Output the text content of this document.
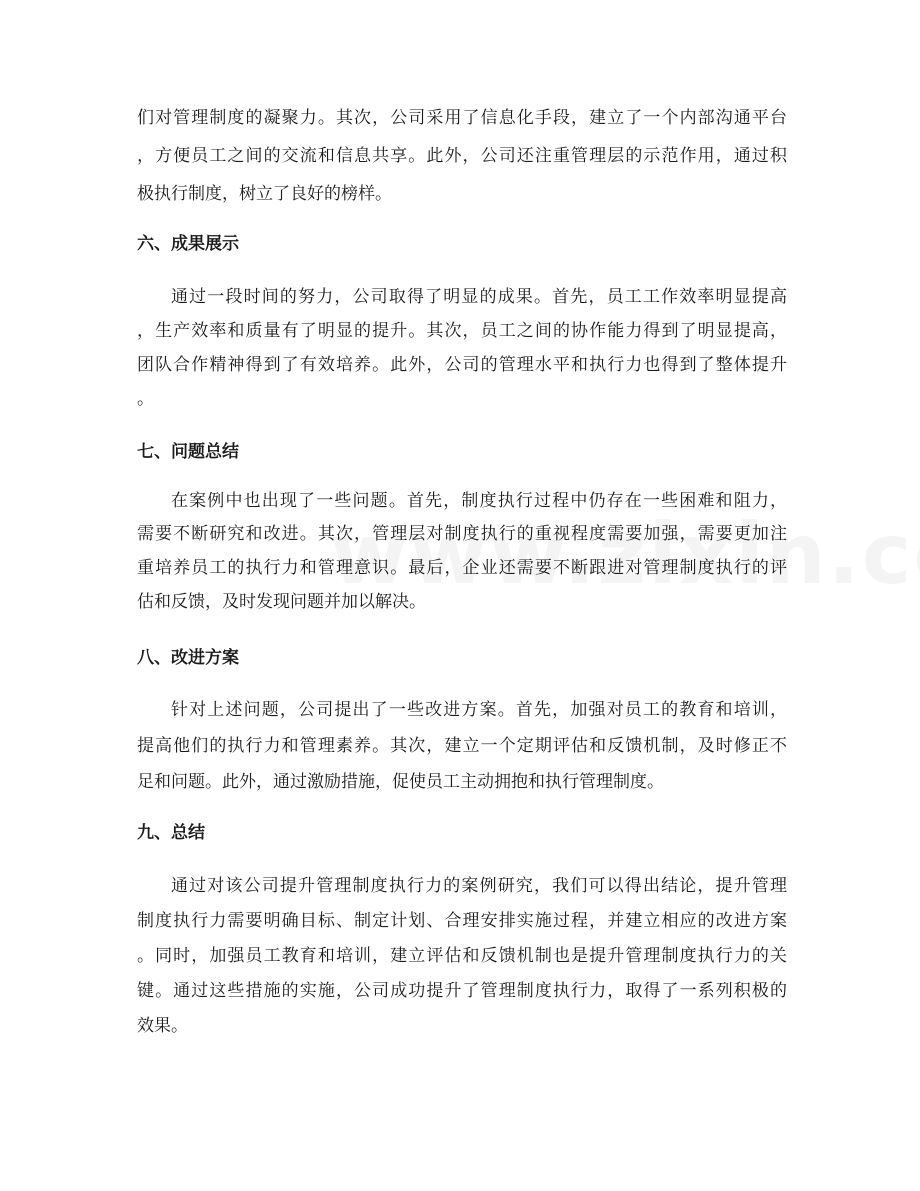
们对管理制度的凝聚力。其次，公司采用了信息化手段，建立了一个内部沟通平台
，方便员工之间的交流和信息共享。此外，公司还注重管理层的示范作用，通过积
极执行制度，树立了良好的榜样。
六、成果展示
通过一段时间的努力，公司取得了明显的成果。首先，员工工作效率明显提高
，生产效率和质量有了明显的提升。其次，员工之间的协作能力得到了明显提高，
团队合作精神得到了有效培养。此外，公司的管理水平和执行力也得到了整体提升
。
七、问题总结
在案例中也出现了一些问题。首先，制度执行过程中仍存在一些困难和阻力，
需要不断研究和改进。其次，管理层对制度执行的重视程度需要加强，需要更加注
重培养员工的执行力和管理意识。最后，企业还需要不断跟进对管理制度执行的评
估和反馈，及时发现问题并加以解决。
八、改进方案
针对上述问题，公司提出了一些改进方案。首先，加强对员工的教育和培训，
提高他们的执行力和管理素养。其次，建立一个定期评估和反馈机制，及时修正不
足和问题。此外，通过激励措施，促使员工主动拥抱和执行管理制度。
九、总结
通过对该公司提升管理制度执行力的案例研究，我们可以得出结论，提升管理
制度执行力需要明确目标、制定计划、合理安排实施过程，并建立相应的改进方案
。同时，加强员工教育和培训，建立评估和反馈机制也是提升管理制度执行力的关
键。通过这些措施的实施，公司成功提升了管理制度执行力，取得了一系列积极的
效果。
